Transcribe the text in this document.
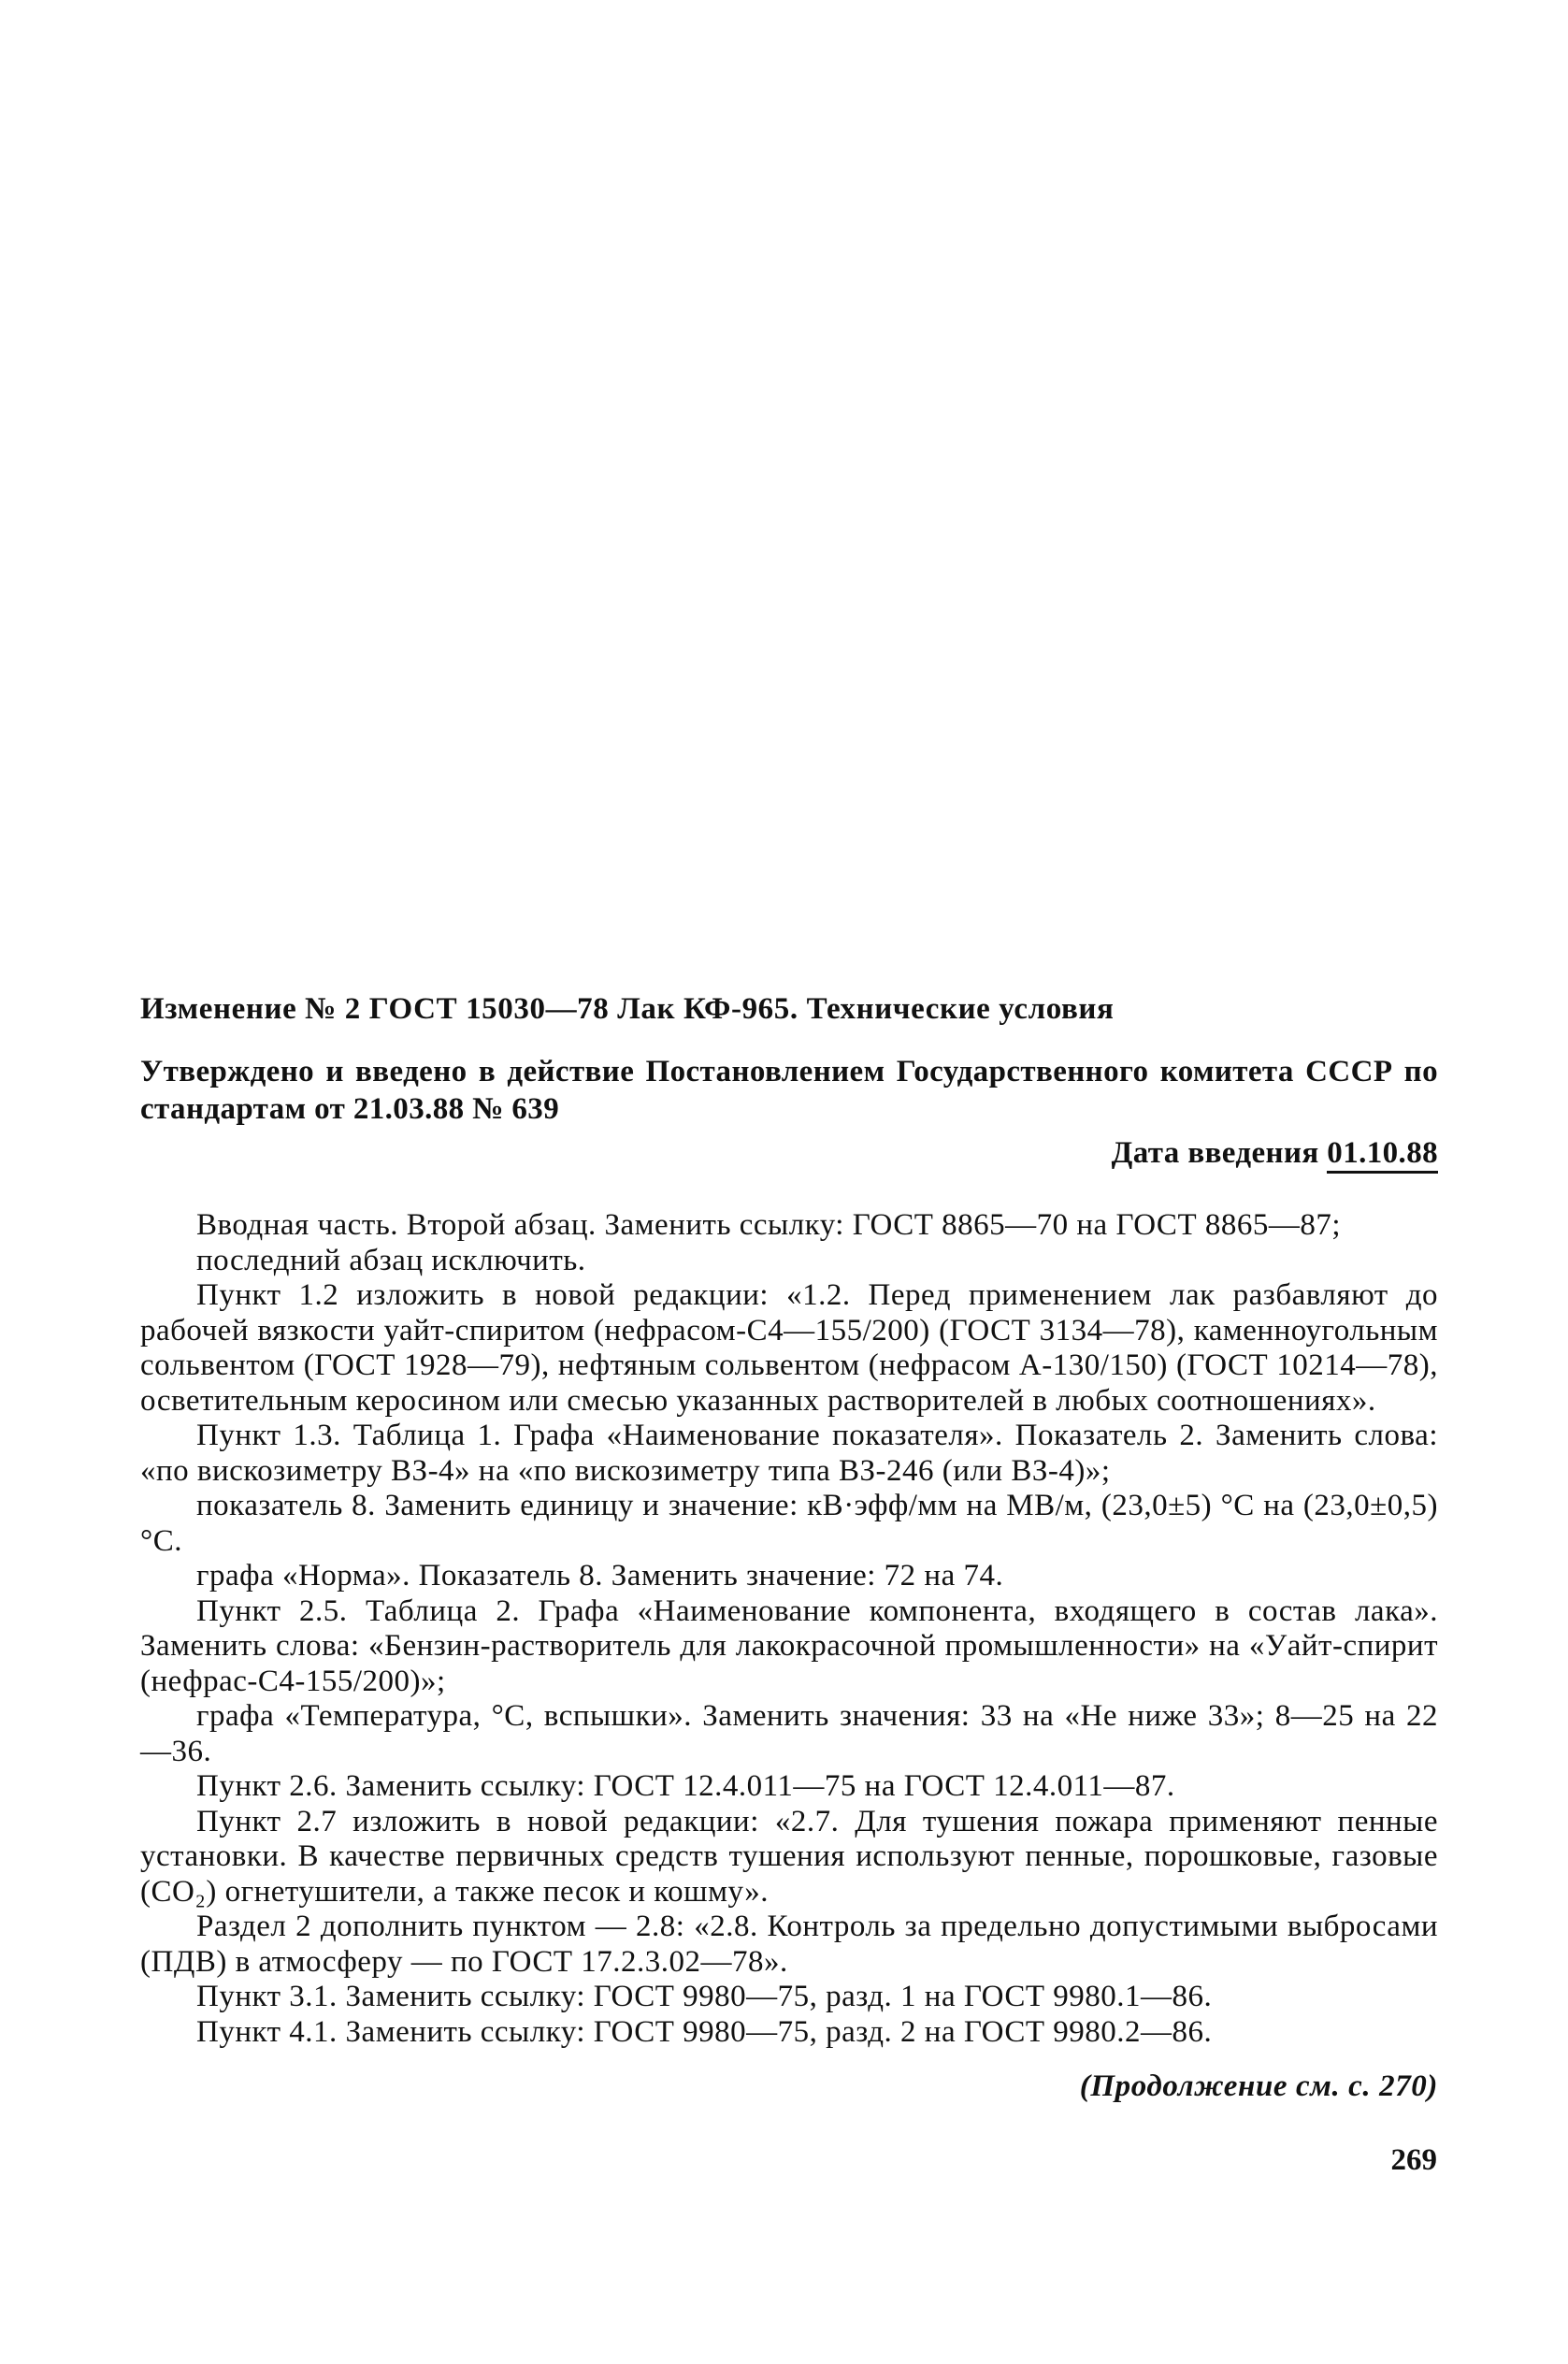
Изменение № 2 ГОСТ 15030—78 Лак КФ-965. Технические условия
Утверждено и введено в действие Постановлением Государственного комитета СССР по стандартам от 21.03.88 № 639
Дата введения 01.10.88

Вводная часть. Второй абзац. Заменить ссылку: ГОСТ 8865—70 на ГОСТ 8865—87;

последний абзац исключить.

Пункт 1.2 изложить в новой редакции: «1.2. Перед применением лак разбавляют до рабочей вязкости уайт-спиритом (нефрасом-С4—155/200) (ГОСТ 3134—78), каменноугольным сольвентом (ГОСТ 1928—79), нефтяным сольвентом (нефрасом А-130/150) (ГОСТ 10214—78), осветительным керосином или смесью указанных растворителей в любых соотношениях».

Пункт 1.3. Таблица 1. Графа «Наименование показателя». Показатель 2. Заменить слова: «по вискозиметру ВЗ-4» на «по вискозиметру типа ВЗ-246 (или ВЗ-4)»;

показатель 8. Заменить единицу и значение: кВ·эфф/мм на МВ/м, (23,0±5) °С на (23,0±0,5) °С.

графа «Норма». Показатель 8. Заменить значение: 72 на 74.

Пункт 2.5. Таблица 2. Графа «Наименование компонента, входящего в состав лака». Заменить слова: «Бензин-растворитель для лакокрасочной промышленности» на «Уайт-спирит (нефрас-С4-155/200)»;

графа «Температура, °С, вспышки». Заменить значения: 33 на «Не ниже 33»; 8—25 на 22—36.

Пункт 2.6. Заменить ссылку: ГОСТ 12.4.011—75 на ГОСТ 12.4.011—87.

Пункт 2.7 изложить в новой редакции: «2.7. Для тушения пожара применяют пенные установки. В качестве первичных средств тушения используют пенные, порошковые, газовые (СО₂) огнетушители, а также песок и кошму».

Раздел 2 дополнить пунктом — 2.8: «2.8. Контроль за предельно допустимыми выбросами (ПДВ) в атмосферу — по ГОСТ 17.2.3.02—78».

Пункт 3.1. Заменить ссылку: ГОСТ 9980—75, разд. 1 на ГОСТ 9980.1—86.

Пункт 4.1. Заменить ссылку: ГОСТ 9980—75, разд. 2 на ГОСТ 9980.2—86.

(Продолжение см. с. 270)
269
